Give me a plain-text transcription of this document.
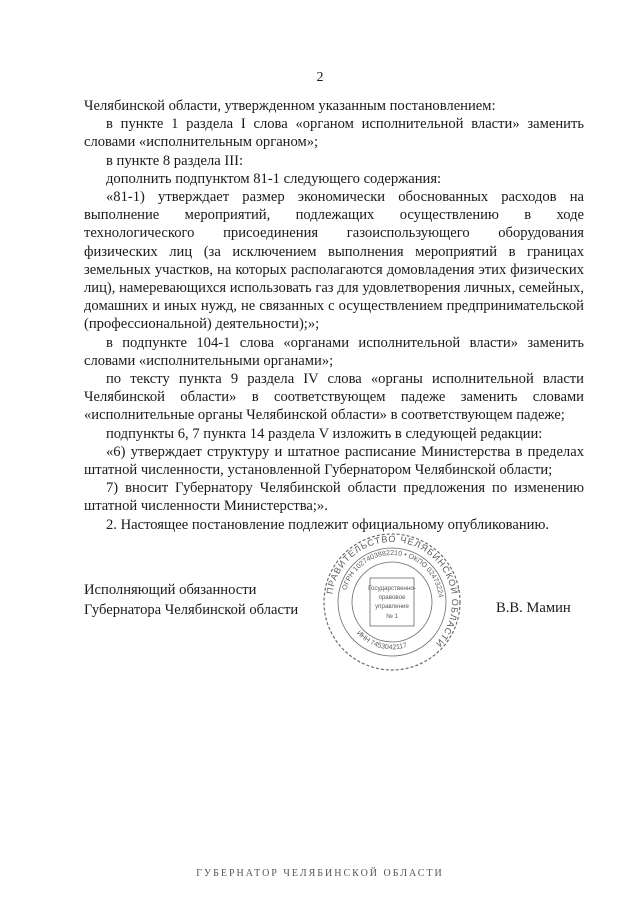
2

Челябинской области, утвержденном указанным постановлением:

в пункте 1 раздела I слова «органом исполнительной власти» заменить словами «исполнительным органом»;

в пункте 8 раздела III:

дополнить подпунктом 81-1 следующего содержания:

«81-1) утверждает размер экономически обоснованных расходов на выполнение мероприятий, подлежащих осуществлению в ходе технологического присоединения газоиспользующего оборудования физических лиц (за исключением выполнения мероприятий в границах земельных участков, на которых располагаются домовладения этих физических лиц), намеревающихся использовать газ для удовлетворения личных, семейных, домашних и иных нужд, не связанных с осуществлением предпринимательской (профессиональной) деятельности);»;

в подпункте 104-1 слова «органами исполнительной власти» заменить словами «исполнительными органами»;

по тексту пункта 9 раздела IV слова «органы исполнительной власти Челябинской области» в соответствующем падеже заменить словами «исполнительные органы Челябинской области» в соответствующем падеже;

подпункты 6, 7 пункта 14 раздела V изложить в следующей редакции:

«6) утверждает структуру и штатное расписание Министерства в пределах штатной численности, установленной Губернатором Челябинской области;

7) вносит Губернатору Челябинской области предложения по изменению штатной численности Министерства;».

2. Настоящее постановление подлежит официальному опубликованию.

Исполняющий обязанности
Губернатора Челябинской области	В.В. Мамин
ПРАВИТЕЛЬСТВО ЧЕЛЯБИНСКОЙ ОБЛАСТИ
ОГРН 1027403882210 • ОКПО 02473224
ИНН 7453042117
Государственно-
правовое
управление
№ 1
ГУБЕРНАТОР ЧЕЛЯБИНСКОЙ ОБЛАСТИ
